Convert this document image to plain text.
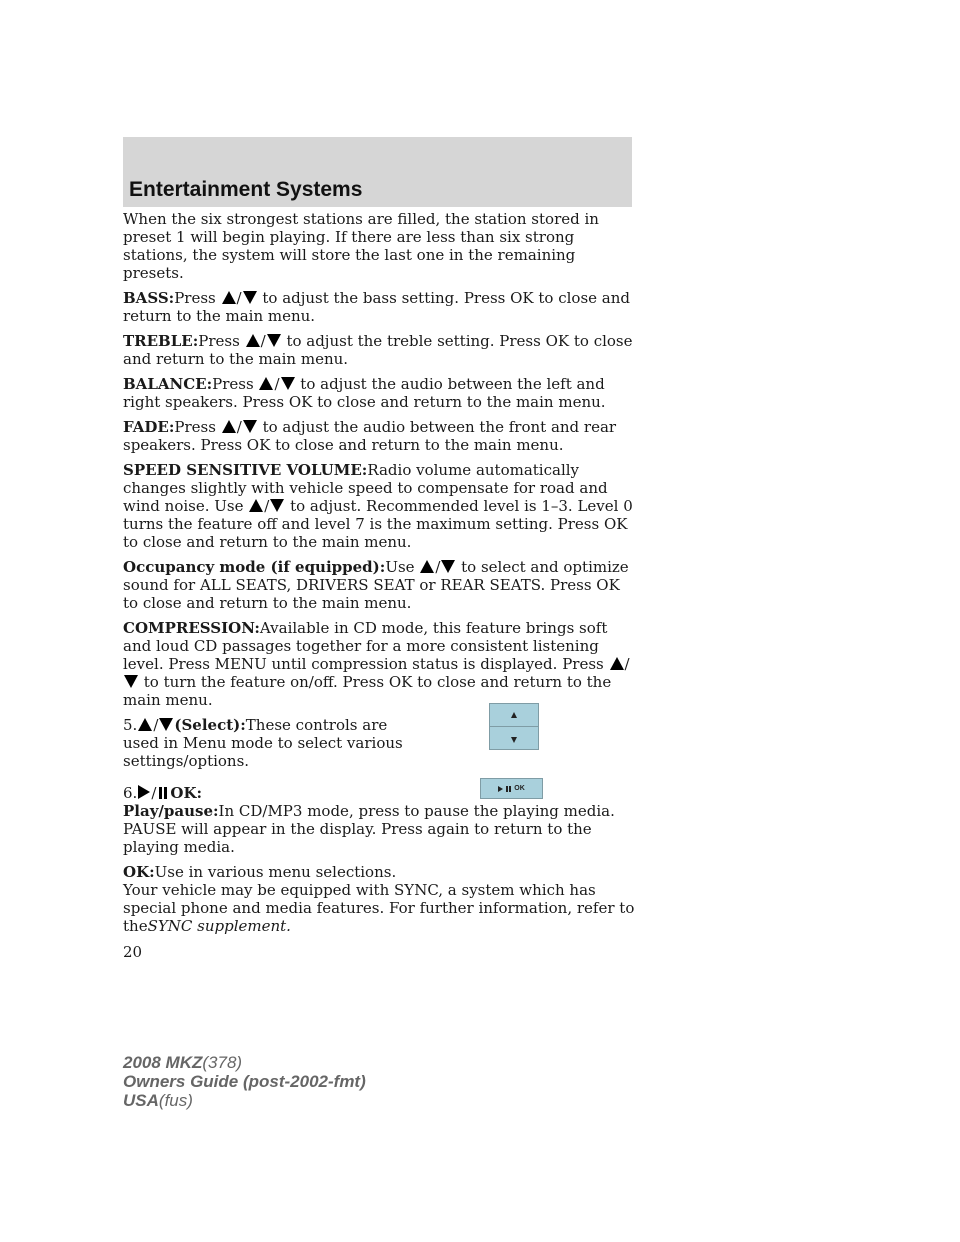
Entertainment Systems

When the six strongest stations are filled, the station stored in preset 1 will begin playing. If there are less than six strong stations, the system will store the last one in the remaining presets.

BASS:Press / to adjust the bass setting. Press OK to close and return to the main menu.

TREBLE:Press / to adjust the treble setting. Press OK to close and return to the main menu.

BALANCE:Press / to adjust the audio between the left and right speakers. Press OK to close and return to the main menu.

FADE:Press / to adjust the audio between the front and rear speakers. Press OK to close and return to the main menu.

SPEED SENSITIVE VOLUME:Radio volume automatically changes slightly with vehicle speed to compensate for road and wind noise. Use / to adjust. Recommended level is 1–3. Level 0 turns the feature off and level 7 is the maximum setting. Press OK to close and return to the main menu.

Occupancy mode (if equipped):Use / to select and optimize sound for ALL SEATS, DRIVERS SEAT or REAR SEATS. Press OK to close and return to the main menu.

COMPRESSION:Available in CD mode, this feature brings soft and loud CD passages together for a more consistent listening level. Press MENU until compression status is displayed. Press / to turn the feature on/off. Press OK to close and return to the main menu.

5. / (Select):These controls are used in Menu mode to select various settings/options.

6. / OK:

Play/pause:In CD/MP3 mode, press to pause the playing media. PAUSE will appear in the display. Press again to return to the playing media.

OK:Use in various menu selections.

Your vehicle may be equipped with SYNC, a system which has special phone and media features. For further information, refer to theSYNC supplement.

OK
20
2008 MKZ(378)
Owners Guide (post-2002-fmt)
USA(fus)
